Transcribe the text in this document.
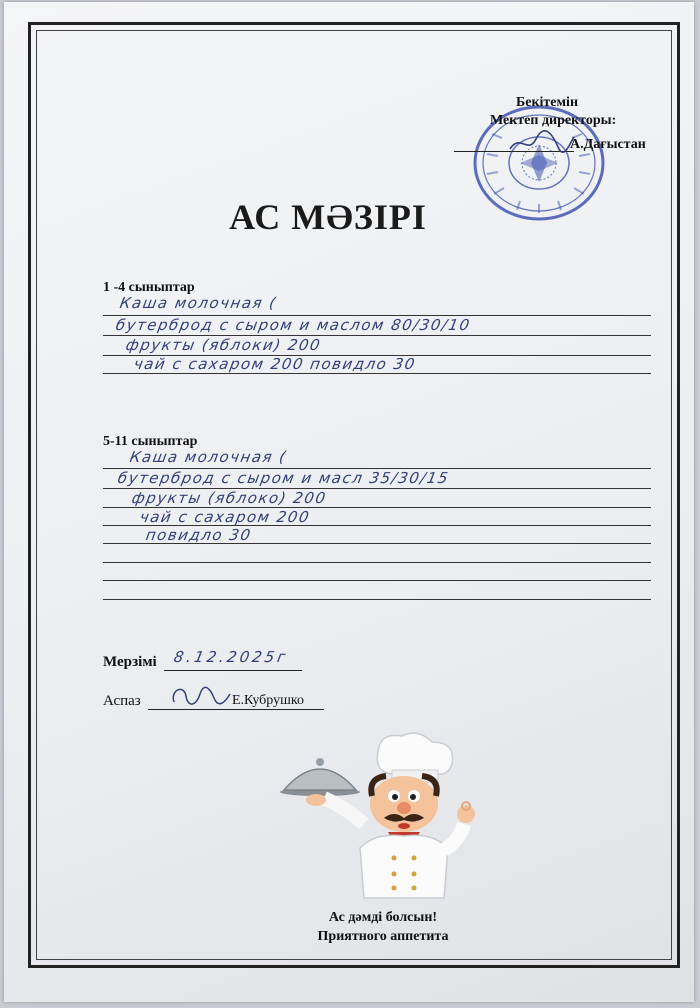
Бекітемін
Мектеп директоры:
А.Дағыстан
АС МӘЗІРІ
1 -4 сыныптар
Каша молочная (
бутерброд с сыром и маслом 80/30/10
фрукты (яблоки) 200
чай с сахаром 200 повидло 30
5-11 сыныптар
Каша молочная (
бутерброд с сыром и масл 35/30/15
фрукты (яблоко) 200
чай с сахаром 200
повидло 30
Мерзімі 8.12.2025г
Аспаз	Е.Кубрушко
Ас дәмді болсын!
Приятного аппетита
